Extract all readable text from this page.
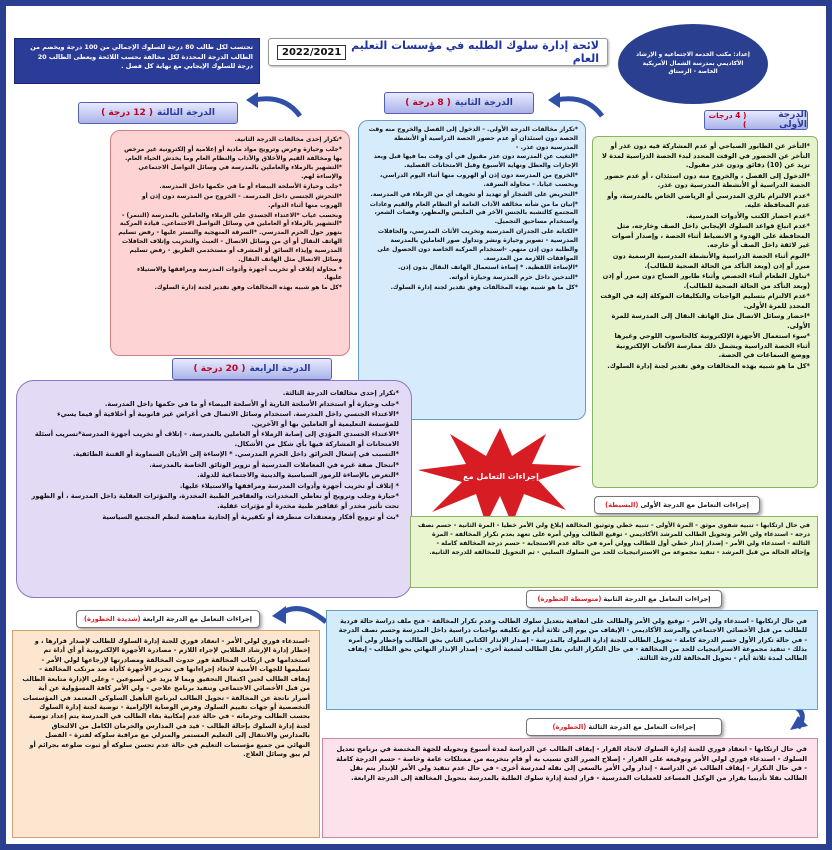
تحتسب لكل طالب 80 درجة للسلوك الإجمالي من 100 درجة ويخصم من الطالب الدرجة المحددة لكل مخالفة بحسب اللائحة ويعطى الطالب 20 درجة للسلوك الإيجابي مع نهاية كل فصل .
لائحة إدارة سلوك الطلبه في مؤسسات التعليم العام
2022/2021	إعداد: مكتب الخدمة الاجتماعية و الإرشاد الأكاديمي بمدرسة الشمال الأمريكية الخاصة - الرستاق
الدرجة الأولى
( 4 درجات )
الدرجة الثانية
( 8 درجة )
الدرجة الثالثة
( 12 درجة )
الدرجة الرابعة
( 20 درجة )

*التأخر عن الطابور الصباحي أو عدم المشاركة فيه دون عذر أو التأخر عن الحضور في الوقت المحدد لبدء الحصة الدراسية لمدة لا تزيد عن (10) دقائق ودون عذر مقبول.

*الدخول إلى الفصل ، والخروج منه دون استئذان ، أو عدم حضور الحصة الدراسية أو الأنشطة المدرسية دون عذر.

*عدم الالتزام بالزي المدرسي أو الرياضي الخاص بالمدرسة، وأو عدم المحافظة عليه.

*عدم احضار الكتب والأدوات المدرسية.

*عدم اتباع قواعد السلوك الإيجابي داخل الصف وخارجه، مثل المحافظة على الهدوء و الانضباط أثناء الحصة ، وإصدار أصوات غير لائقة داخل الصف أو خارجه.

*النوم أثناء الحصة الدراسية والأنشطة المدرسية الرسمية دون مبرر أو إذن (وبعد التأكد من الحالة الصحية للطالب).

*تناول الطعام أثناء الحصص وأثناء طابور الصباح دون مبرر أو إذن (وبعد التأكد من الحالة الصحية للطالب).

*عدم الالتزام بتسليم الواجبات والتكليفات الموكلة إليه في الوقت المحدد للمرة الأولى.

*احضار وسائل الاتصال مثل الهاتف النقال إلى المدرسة للمرة الأولى.

*سوء استعمال الأجهزة الإلكترونية كالحاسوب اللوحي وغيرها أثناء الحصة الدراسية ويشمل ذلك ممارسة الألعاب الإلكترونية ووضع السماعات في الحصة.

*كل ما هو شبيه بهذه المخالفات وفق تقدير لجنة إدارة السلوك.

*تكرار مخالفات الدرجة الأولى. - الدخول إلى الفصل والخروج منه وقت الحصة دون استئذان أو عدم حضور الحصة الدراسية أو الأنشطة المدرسية دون عذر. -

*التغيب عن المدرسة دون عذر مقبول في أي وقت بما فيها قبل وبعد الإجازات والعطل ونهاية الأسبوع وقبل الامتحانات الفصلية.

*الخروج من المدرسة دون إذن أو الهروب منها أثناء اليوم الدراسي، وبحسب غيابا. - محاولة السرقة.

*التحريض على الشجار أو تهديد أو تخويف أي من الزملاء في المدرسة.

*إتيان ما من شأنه مخالفة الآداب العامة أو النظام العام والقيم وعادات المجتمع كالتشبه بالجنس الآخر في الملبس والمظهر، وقصات الشعر، واستخدام مساحيق التجميل.

*الكتابة على الجدران المدرسية وتخريب الأثاث المدرسي، والحافلات المدرسية - تصوير وحيازة ونشر وتداول صور العاملين بالمدرسة والطلبة دون إذن منهم. -استخدام المركبة الخاصة دون الحصول على الموافقات اللازمة من المدرسة.

*الإساءة اللفظية. * إساءة استعمال الهاتف النقال بدون إذن.

*التدخين داخل حرم المدرسة وحيازة أدواته.

*كل ما هو شبيه بهذه المخالفات وفق تقدير لجنة إدارة السلوك.

*تكرار إحدى مخالفات الدرجة الثانية.

*جلب وحيازة وعرض وترويج مواد مادية أو إعلامية أو إلكترونية غير مرخص بها ومخالفة القيم والأخلاق والآداب والنظام العام وما يخدش الحياء العام.

*التشهير بالزملاء والعاملين بالمدرسة في وسائل التواصل الاجتماعي والإساءة لهم.

*جلب وحيازة الأسلحة البيضاء أو ما في حكمها داخل المدرسة.

*التحرش الجنسي داخل المدرسة. - الخروج من المدرسة دون إذن أو الهروب منها أثناء الدوام.

وبحسب غياب *الاعتداء الجسدي على الزملاء والعاملين بالمدرسة (التنمر) - *التشهير بالزملاء أو العاملين في وسائل التواصل الاجتماعي. قيادة المركبة بتهور حول الحرم المدرسي. *السرقة المنهجية والتستر عليها - رفض تسليم الهاتف النقال أو أي من وسائل الاتصال - العبث والتخريب وإتلاف الحافلات المدرسية وإيذاء السائق أو المشرف أو مستخدمي الطريق - رفض تسليم وسائل الاتصال مثل الهاتف النقال.

* محاولة إتلاف أو تخريب أجهزة وأدوات المدرسة ومرافقها والاستيلاء عليها.

*كل ما هو شبيه بهذه المخالفات وفق تقدير لجنة إدارة السلوك.

*تكرار إحدى مخالفات الدرجة الثالثة.

*جلب وحيازة أو استخدام الأسلحة النارية أو الأسلحة البيضاء أو ما في حكمها داخل المدرسة.

*الاعتداء الجنسي داخل المدرسة. استخدام وسائل الاتصال في أغراض غير قانونية أو أخلاقية أو فيما يسيء للمؤسسة التعليمية أو العاملين بها أو الآخرين.

*الاعتداء الجسدي المؤدي إلى إصابة الزملاء أو العاملين بالمدرسة. - إتلاف أو تخريب أجهزة المدرسة*تسريب أسئلة الامتحانات أو المشاركة فيها بأي شكل من الأشكال.

*التسبب في إشعال الحرائق داخل الحرم المدرسي. * الإساءة إلى الأديان السماوية أو الفتنة الطائفية.

*انتحال صفة غيره في المعاملات المدرسية أو تزوير الوثائق الخاصة بالمدرسة.

*التعرض بالإساءة للرموز السياسية والدينية والاجتماعية للدولة.

* إتلاف أو تخريب أجهزة وأدوات المدرسة ومرافقها والاستيلاء عليها.

*حيازة وجلب وترويج أو تعاطي المخدرات، والعقاقير الطبية المخدرة، والمؤثرات العقلية داخل المدرسة ، أو الظهور تحت تأثير مخدر أو عقاقير طبية مخدرة أو مؤثرات عقلية.

*بث أو ترويج أفكار ومعتقدات متطرفة أو تكفيرية أو إلحادية مناهضة لنظم المجتمع السياسية

إجراءات التعامل مع
إجراءات التعامل مع الدرجة الأولى
(البسيطة)
إجراءات التعامل مع الدرجة الثانية
(متوسطة الخطورة)
إجراءات التعامل مع الدرجة الثالثة
(الخطورة)
إجراءات التعامل مع الدرجة الرابعة
(شديدة الخطورة)

في حال ارتكابها - تنبيه شفوي موثق - المرة الأولى - تنبيه خطي وتوثيق المخالفة إبلاغ ولي الأمر خطيا - المرة الثانية - حسم نصف درجة - استدعاء ولي الأمر وتحويل الطالب للمرشد الأكاديمي - توقيع الطالب وولي أمره على تعهد بعدم تكرار المخالفة - المرة الثالثة - استدعاء ولي الأمر - إصدار إنذار خطي أول للطالب وولي أمره في حالة عدم الاستجابة - حسم درجة المخالفة كاملة - وإحالة الحالة من قبل المرشد - تنفيذ مجموعة من الاستراتيجيات للحد من السلوك السلبي - ثم التحويل للمخالفة للدرجة الثانية.

في حال ارتكابها - استدعاء ولي الأمر - توقيع ولي الأمر والطالب على اتفاقية بتعديل سلوك الطالب وعدم تكرار المخالفة - فتح ملف دراسة حالة فردية للطالب من قبل الأخصائي الاجتماعي والمرشد الأكاديمي - الإيقاف من يوم إلى ثلاثة أيام مع تكليفه بواجبات دراسية داخل المدرسة وحسم نصف الدرجة - في حالة تكرار الأول حسم الدرجة كاملة - تحويل الطالب للجنة إدارة السلوك بالمدرسة - إصدار الإنذار الكتابي الثاني بحق الطالب وإخطار ولي أمره بذلك - تنفيذ مجموعة الاستراتيجيات للحد من المخالفة - في حال التكرار الثاني نقل الطالب لشعبة أخرى - إصدار الإنذار النهائي بحق الطالب - إيقاف الطالب لمدة ثلاثة أيام - تحويل المخالفة للدرجة الثالثة.

في حال ارتكابها - انعقاد فوري للجنة إدارة السلوك لاتخاذ القرار - إيقاف الطالب عن الدراسة لمدة أسبوع وتحويله للجهة المختصة في برنامج تعديل السلوك - استدعاء فوري لولي الأمر وتوقيعه على القرار - إصلاح الضرر الذي تسبب به أو قام بتخريبه من ممتلكات عامة وخاصة - حسم الدرجة كاملة - في حال التكرار - إيقاف الطالب عن الدراسة - إنذار ولي الأمر بالسعي إلى نقله لمدرسة أخرى - في حال عدم تنفيذ ولي الأمر للإنذار يتم نقل الطالب نقلا تأديبيا بقرار من الوكيل المساعد للعمليات المدرسية - قرار لجنة إدارة سلوك الطلبة بالمدرسة بتحويل المخالفة إلى الدرجة الرابعة.

-استدعاء فوري لولي الأمر - انعقاد فوري للجنة إدارة السلوك للطالب لإصدار قرارها ، و إخطار إدارة الإرشاد الطلابي لإجراء اللازم - مصادرة الأجهزة الإلكترونية أو أي أداة تم استخدامها في ارتكاب المخالفة فور حدوث المخالفة ومصادرتها لإرجاعها لولي الأمر - تسليمها للجهات الأمنية لاتخاذ إجراءاتها في تحريز الأجهزة كأداة ضد مرتكب المخالفة - إيقاف الطالب لحين اكتمال التحقيق وبما لا يزيد عن أسبوعين - وعلى الإدارة متابعة الطالب من قبل الأخصائي الاجتماعي وتنفيذ برنامج علاجي - ولي الأمر كافة المسؤولية عن أية أضرار ناتجة عن المخالفة - تحويل الطالب لبرنامج التأهيل السلوكي المعتمد في المؤسسات التخصصية أو جهات تقييم السلوك وفرض الوصاية الإلزامية - توصية لجنة إدارة السلوك بحسب الطالب وحرمانه - في حالة عدم إمكانية بقاء الطالب في المدرسة يتم إعداد توصية لجنة إدارة السلوك بإحالة الطالب - قيد في المدارس والحرمان الكامل من الالتحاق بالمدارس والانتقال إلى التعليم المستمر والمنزلي مع مراقبة سلوكه لفترة - الفصل النهائي من جميع مؤسسات التعليم في حالة عدم تحسن سلوكه أو ثبوت ضلوعه بجرائم أو لم يبق وسائل العلاج.
